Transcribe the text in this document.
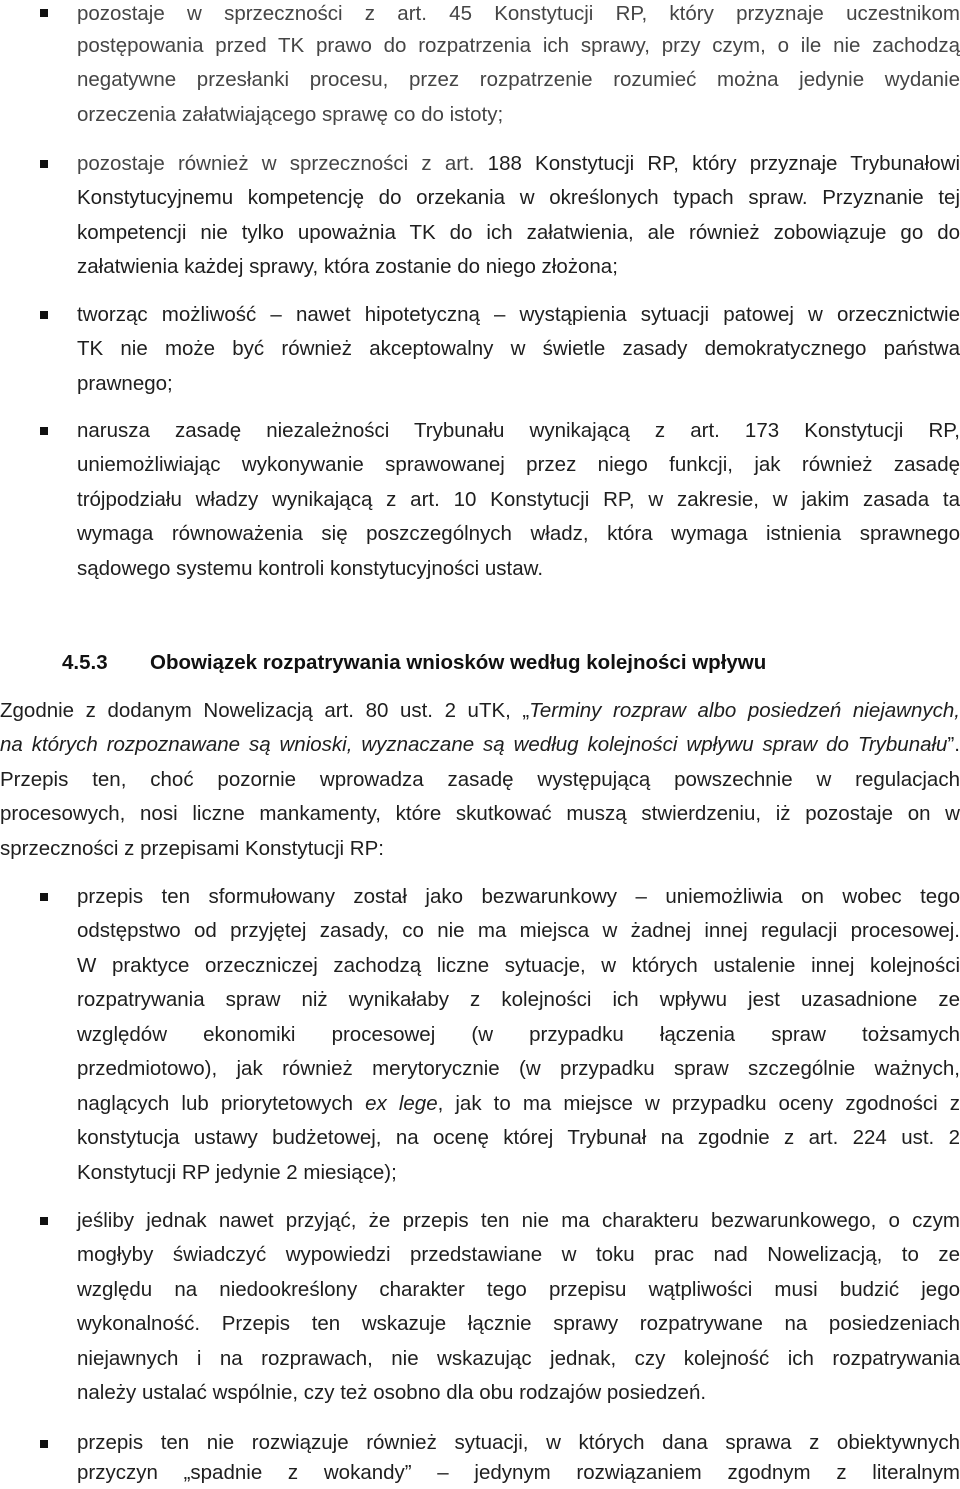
pozostaje w sprzeczności z art. 45 Konstytucji RP, który przyznaje uczestnikom
postępowania przed TK prawo do rozpatrzenia ich sprawy, przy czym, o ile nie zachodzą
negatywne przesłanki procesu, przez rozpatrzenie rozumieć można jedynie wydanie
orzeczenia załatwiającego sprawę co do istoty;
pozostaje również w sprzeczności z art. 188 Konstytucji RP, który przyznaje Trybunałowi
Konstytucyjnemu kompetencję do orzekania w określonych typach spraw. Przyznanie tej
kompetencji nie tylko upoważnia TK do ich załatwienia, ale również zobowiązuje go do
załatwienia każdej sprawy, która zostanie do niego złożona;
tworząc możliwość – nawet hipotetyczną – wystąpienia sytuacji patowej w orzecznictwie
TK nie może być również akceptowalny w świetle zasady demokratycznego państwa
prawnego;
narusza zasadę niezależności Trybunału wynikającą z art. 173 Konstytucji RP,
uniemożliwiając wykonywanie sprawowanej przez niego funkcji, jak również zasadę
trójpodziału władzy wynikającą z art. 10 Konstytucji RP, w zakresie, w jakim zasada ta
wymaga równoważenia się poszczególnych władz, która wymaga istnienia sprawnego
sądowego systemu kontroli konstytucyjności ustaw.
4.5.3 Obowiązek rozpatrywania wniosków według kolejności wpływu
Zgodnie z dodanym Nowelizacją art. 80 ust. 2 uTK, „Terminy rozpraw albo posiedzeń niejawnych,
na których rozpoznawane są wnioski, wyznaczane są według kolejności wpływu spraw do Trybunału”.
Przepis ten, choć pozornie wprowadza zasadę występującą powszechnie w regulacjach
procesowych, nosi liczne mankamenty, które skutkować muszą stwierdzeniu, iż pozostaje on w
sprzeczności z przepisami Konstytucji RP:
przepis ten sformułowany został jako bezwarunkowy – uniemożliwia on wobec tego
odstępstwo od przyjętej zasady, co nie ma miejsca w żadnej innej regulacji procesowej.
W praktyce orzeczniczej zachodzą liczne sytuacje, w których ustalenie innej kolejności
rozpatrywania spraw niż wynikałaby z kolejności ich wpływu jest uzasadnione ze
względów ekonomiki procesowej (w przypadku łączenia spraw tożsamych
przedmiotowo), jak również merytorycznie (w przypadku spraw szczególnie ważnych,
naglących lub priorytetowych ex lege, jak to ma miejsce w przypadku oceny zgodności z
konstytucja ustawy budżetowej, na ocenę której Trybunał na zgodnie z art. 224 ust. 2
Konstytucji RP jedynie 2 miesiące);
jeśliby jednak nawet przyjąć, że przepis ten nie ma charakteru bezwarunkowego, o czym
mogłyby świadczyć wypowiedzi przedstawiane w toku prac nad Nowelizacją, to ze
względu na niedookreślony charakter tego przepisu wątpliwości musi budzić jego
wykonalność. Przepis ten wskazuje łącznie sprawy rozpatrywane na posiedzeniach
niejawnych i na rozprawach, nie wskazując jednak, czy kolejność ich rozpatrywania
należy ustalać wspólnie, czy też osobno dla obu rodzajów posiedzeń.
przepis ten nie rozwiązuje również sytuacji, w których dana sprawa z obiektywnych
przyczyn „spadnie z wokandy” – jedynym rozwiązaniem zgodnym z literalnym
